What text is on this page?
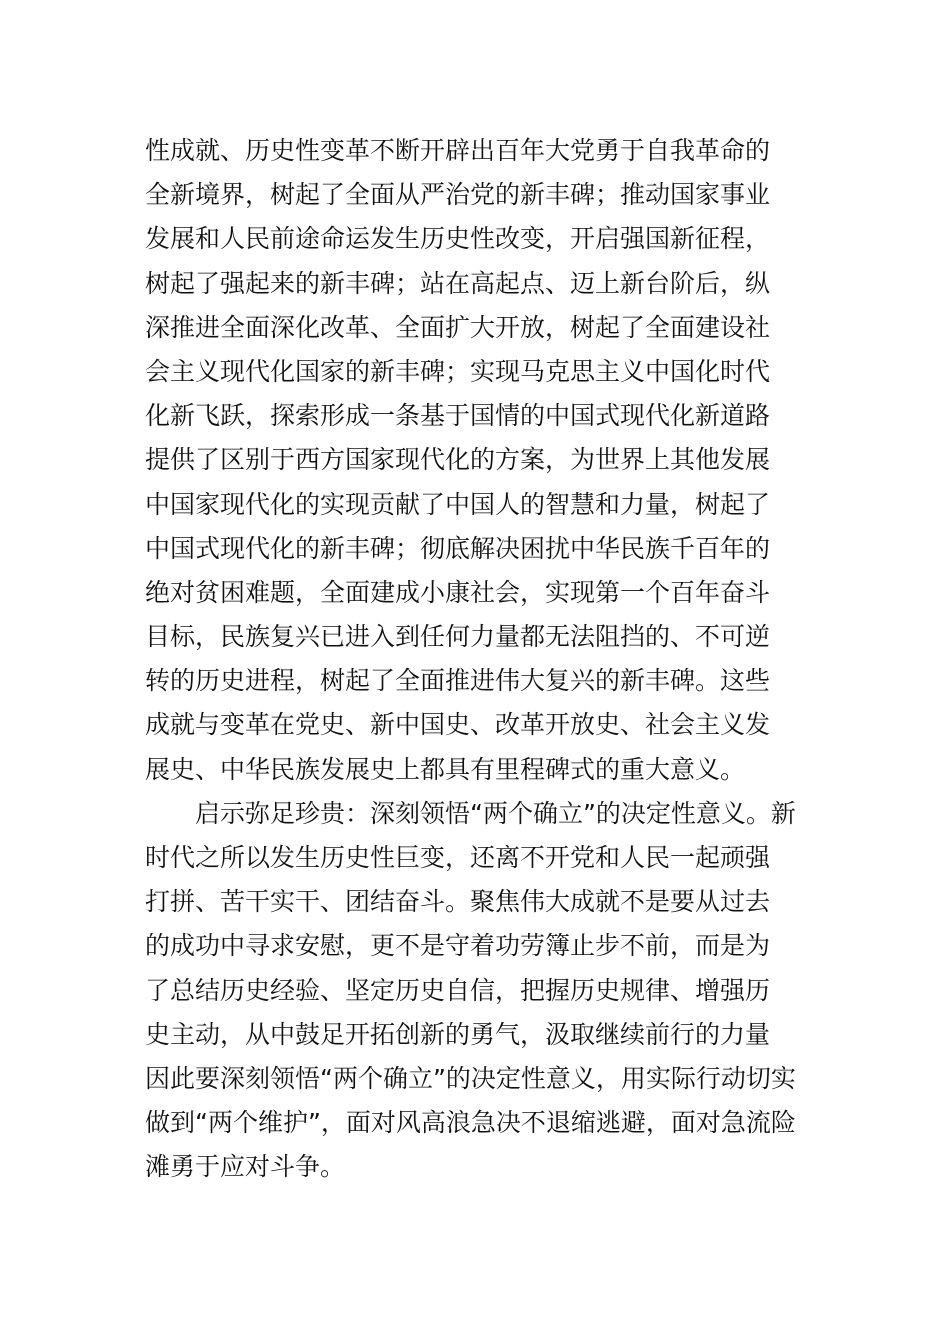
性成就、历史性变革不断开辟出百年大党勇于自我革命的
全新境界，树起了全面从严治党的新丰碑；推动国家事业
发展和人民前途命运发生历史性改变，开启强国新征程，
树起了强起来的新丰碑；站在高起点、迈上新台阶后，纵
深推进全面深化改革、全面扩大开放，树起了全面建设社
会主义现代化国家的新丰碑；实现马克思主义中国化时代
化新飞跃，探索形成一条基于国情的中国式现代化新道路
提供了区别于西方国家现代化的方案，为世界上其他发展
中国家现代化的实现贡献了中国人的智慧和力量，树起了
中国式现代化的新丰碑；彻底解决困扰中华民族千百年的
绝对贫困难题，全面建成小康社会，实现第一个百年奋斗
目标，民族复兴已进入到任何力量都无法阻挡的、不可逆
转的历史进程，树起了全面推进伟大复兴的新丰碑。这些
成就与变革在党史、新中国史、改革开放史、社会主义发
展史、中华民族发展史上都具有里程碑式的重大意义。
启示弥足珍贵：深刻领悟“两个确立”的决定性意义。新
时代之所以发生历史性巨变，还离不开党和人民一起顽强
打拼、苦干实干、团结奋斗。聚焦伟大成就不是要从过去
的成功中寻求安慰，更不是守着功劳簿止步不前，而是为
了总结历史经验、坚定历史自信，把握历史规律、增强历
史主动，从中鼓足开拓创新的勇气，汲取继续前行的力量
因此要深刻领悟“两个确立”的决定性意义，用实际行动切实
做到“两个维护”，面对风高浪急决不退缩逃避，面对急流险
滩勇于应对斗争。
